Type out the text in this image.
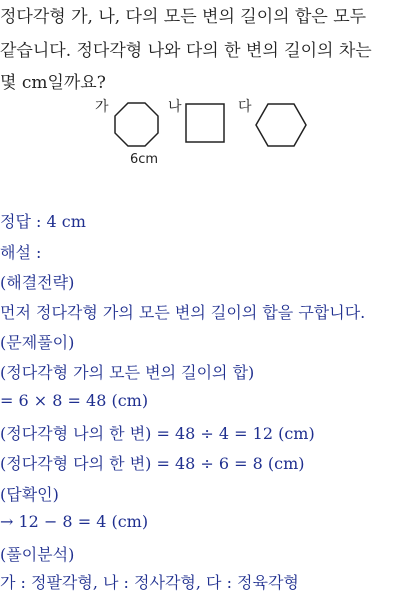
정다각형 가, 나, 다의 모든 변의 길이의 합은 모두
같습니다. 정다각형 나와 다의 한 변의 길이의 차는
몇 cm일까요?
가
6cm
나	다
정답 : 4 cm
해설 :
(해결전략)
먼저 정다각형 가의 모든 변의 길이의 합을 구합니다.
(문제풀이)
(정다각형 가의 모든 변의 길이의 합)
= 6 × 8 = 48 (cm)
(정다각형 나의 한 변) = 48 ÷ 4 = 12 (cm)
(정다각형 다의 한 변) = 48 ÷ 6 = 8 (cm)
(답확인)
→ 12 − 8 = 4 (cm)
(풀이분석)
가 : 정팔각형, 나 : 정사각형, 다 : 정육각형
